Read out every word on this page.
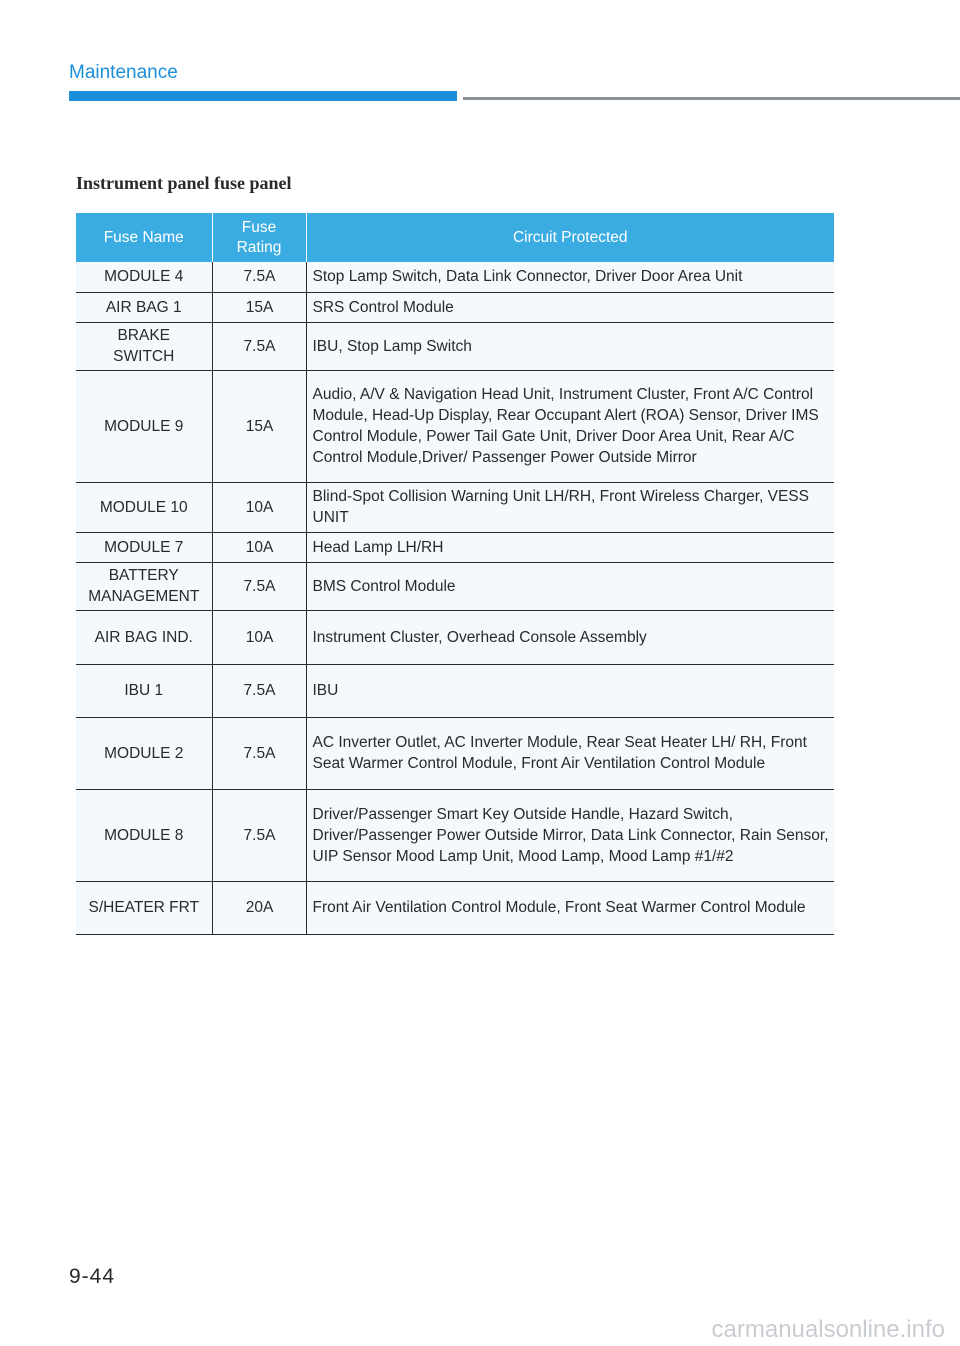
Maintenance
Instrument panel fuse panel
Fuse Name	Fuse Rating	Circuit Protected
MODULE 4	7.5A	Stop Lamp Switch, Data Link Connector, Driver Door Area Unit
AIR BAG 1	15A	SRS Control Module
BRAKE SWITCH	7.5A	IBU, Stop Lamp Switch
MODULE 9	15A	Audio, A/V & Navigation Head Unit, Instrument Cluster, Front A/C Control Module, Head-Up Display, Rear Occupant Alert (ROA) Sensor, Driver IMS Control Module, Power Tail Gate Unit, Driver Door Area Unit, Rear A/C Control Module,Driver/ Passenger Power Outside Mirror
MODULE 10	10A	Blind-Spot Collision Warning Unit LH/RH, Front Wireless Charger, VESS UNIT
MODULE 7	10A	Head Lamp LH/RH
BATTERY MANAGEMENT	7.5A	BMS Control Module
AIR BAG IND.	10A	Instrument Cluster, Overhead Console Assembly
IBU 1	7.5A	IBU
MODULE 2	7.5A	AC Inverter Outlet, AC Inverter Module, Rear Seat Heater LH/ RH, Front Seat Warmer Control Module, Front Air Ventilation Control Module
MODULE 8	7.5A	Driver/Passenger Smart Key Outside Handle, Hazard Switch, Driver/Passenger Power Outside Mirror, Data Link Connector, Rain Sensor, UIP Sensor Mood Lamp Unit, Mood Lamp, Mood Lamp #1/#2
S/HEATER FRT	20A	Front Air Ventilation Control Module, Front Seat Warmer Control Module
9-44
carmanualsonline.info
